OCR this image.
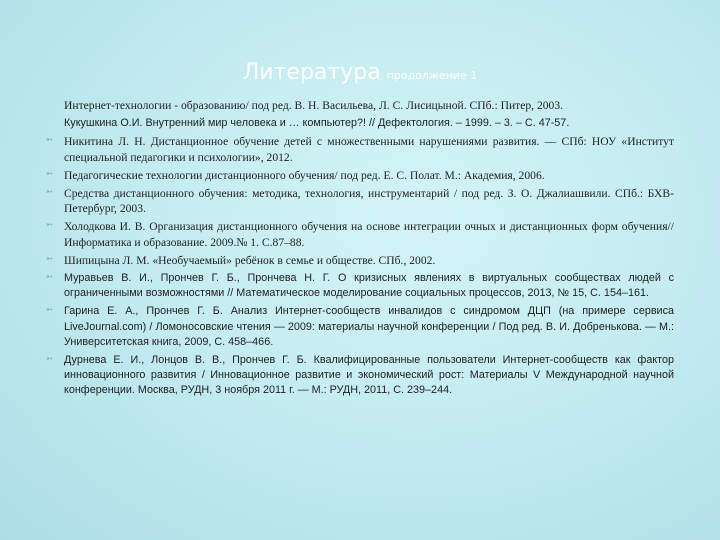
Литература продолжение 1
Интернет-технологии - образованию/ под ред. В. Н. Васильева, Л. С. Лисицыной. СПб.: Питер, 2003.
Кукушкина О.И. Внутренний мир человека и … компьютер?! // Дефектология. – 1999. – 3. – С. 47-57.
➳ Никитина Л. Н. Дистанционное обучение детей с множественными нарушениями развития. — СПб: НОУ «Институт специальной педагогики и психологии», 2012.
➳ Педагогические технологии дистанционного обучения/ под ред. Е. С. Полат. М.: Академия, 2006.
➳ Средства дистанционного обучения: методика, технология, инструментарий / под ред. З. О. Джалиашвили. СПб.: БХВ-Петербург, 2003.
➳ Холодкова И. В. Организация дистанционного обучения на основе интеграции очных и дистанционных форм обучения//Информатика и образование. 2009.№ 1. С.87–88.
➳ Шипицына Л. М. «Необучаемый» ребёнок в семье и обществе. СПб., 2002.
➳ Муравьев В. И., Прончев Г. Б., Прончева Н. Г. О кризисных явлениях в виртуальных сообществах людей с ограниченными возможностями // Математическое моделирование социальных процессов, 2013, № 15, С. 154–161.
➳ Гарина Е. А., Прончев Г. Б. Анализ Интернет-сообществ инвалидов с синдромом ДЦП (на примере сервиса LiveJournal.com) / Ломоносовские чтения — 2009: материалы научной конференции / Под ред. В. И. Добренькова. — М.: Университетская книга, 2009, С. 458–466.
➳ Дурнева Е. И., Лонцов В. В., Прончев Г. Б. Квалифицированные пользователи Интернет-сообществ как фактор инновационного развития / Инновационное развитие и экономический рост: Материалы V Международной научной конференции. Москва, РУДН, 3 ноября 2011 г. — М.: РУДН, 2011, С. 239–244.
